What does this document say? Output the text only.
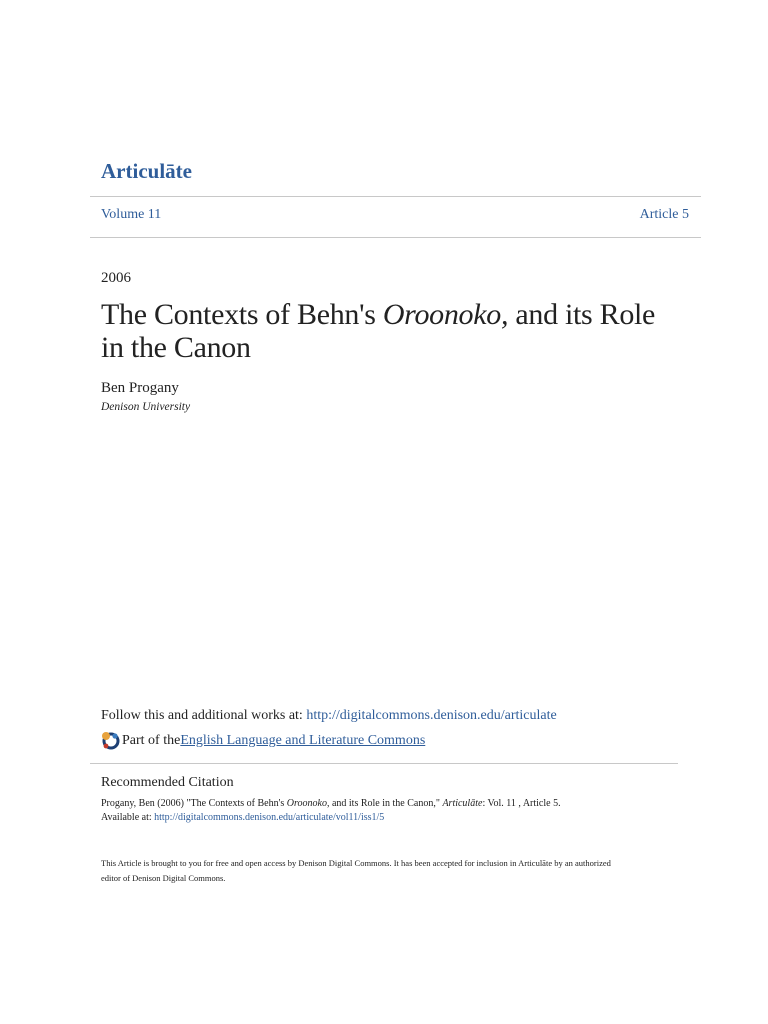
Articulāte
Volume 11	Article 5
2006
The Contexts of Behn's Oroonoko, and its Role in the Canon
Ben Progany
Denison University
Follow this and additional works at: http://digitalcommons.denison.edu/articulate
Part of the English Language and Literature Commons
Recommended Citation
Progany, Ben (2006) "The Contexts of Behn's Oroonoko, and its Role in the Canon," Articulāte: Vol. 11 , Article 5.
Available at: http://digitalcommons.denison.edu/articulate/vol11/iss1/5
This Article is brought to you for free and open access by Denison Digital Commons. It has been accepted for inclusion in Articulāte by an authorized
editor of Denison Digital Commons.
